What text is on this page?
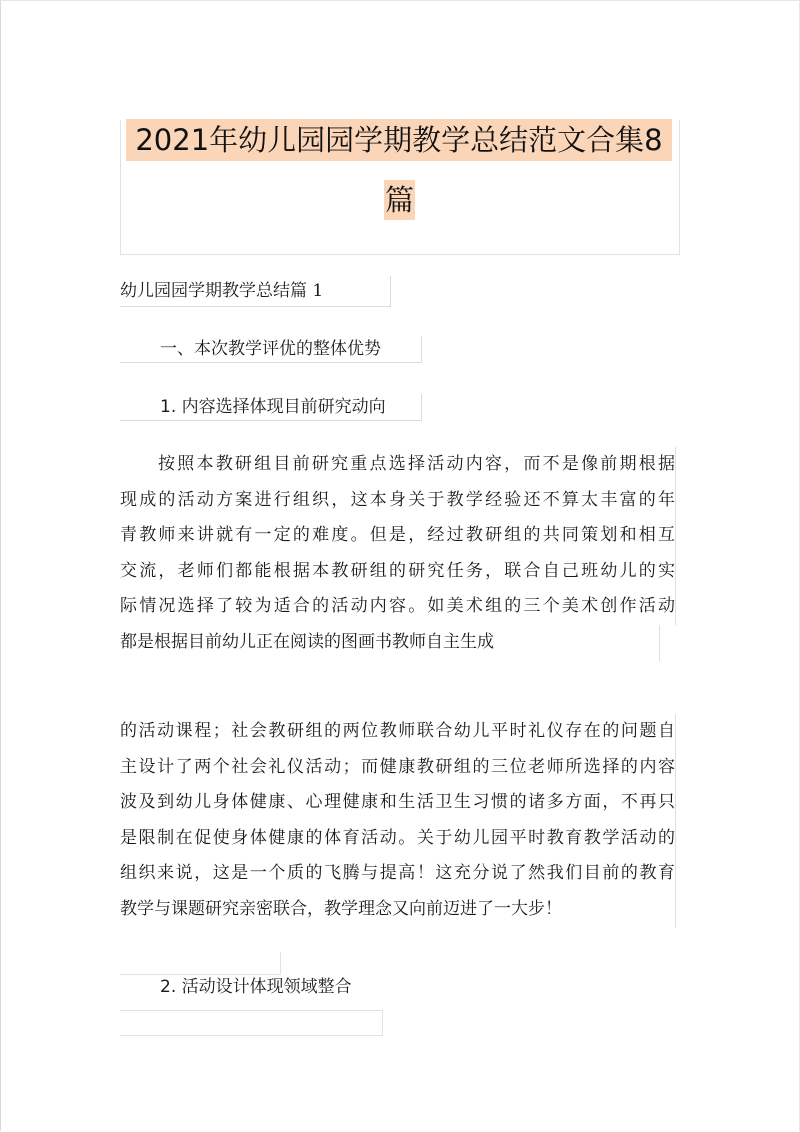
2021年幼儿园园学期教学总结范文合集8
篇
幼儿园园学期教学总结篇 1
一、本次教学评优的整体优势
1. 内容选择体现目前研究动向
按照本教研组目前研究重点选择活动内容，而不是像前期根据
现成的活动方案进行组织，这本身关于教学经验还不算太丰富的年
青教师来讲就有一定的难度。但是，经过教研组的共同策划和相互
交流，老师们都能根据本教研组的研究任务，联合自己班幼儿的实
际情况选择了较为适合的活动内容。如美术组的三个美术创作活动
都是根据目前幼儿正在阅读的图画书教师自主生成
的活动课程；社会教研组的两位教师联合幼儿平时礼仪存在的问题自
主设计了两个社会礼仪活动；而健康教研组的三位老师所选择的内容
波及到幼儿身体健康、心理健康和生活卫生习惯的诸多方面，不再只
是限制在促使身体健康的体育活动。关于幼儿园平时教育教学活动的
组织来说，这是一个质的飞腾与提高！这充分说了然我们目前的教育
教学与课题研究亲密联合，教学理念又向前迈进了一大步！
2. 活动设计体现领域整合
